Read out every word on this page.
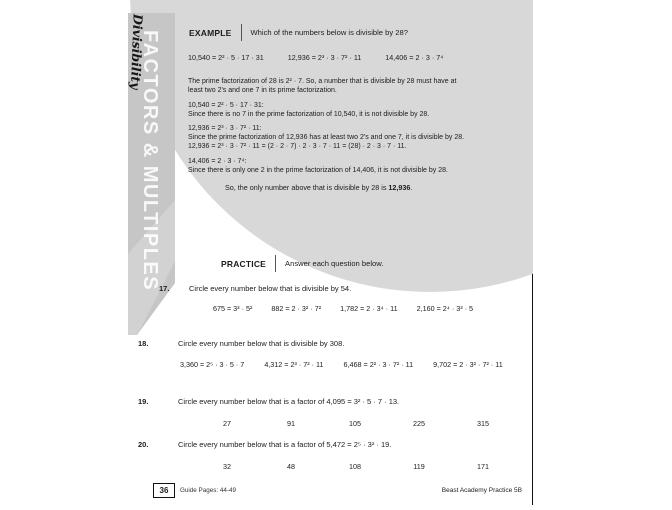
FACTORS & MULTIPLES
Divisibility	EXAMPLE	Which of the numbers below is divisible by 28?
10,540 = 2² · 5 · 17 · 31	12,936 = 2³ · 3 · 7² · 11	14,406 = 2 · 3 · 7⁴
The prime factorization of 28 is 2² · 7. So, a number that is divisible by 28 must have at
least two 2's and one 7 in its prime factorization.
10,540 = 2² · 5 · 17 · 31:
Since there is no 7 in the prime factorization of 10,540, it is not divisible by 28.
12,936 = 2³ · 3 · 7² · 11:
Since the prime factorization of 12,936 has at least two 2's and one 7, it is divisible by 28.
12,936 = 2³ · 3 · 7² · 11 = (2 · 2 · 7) · 2 · 3 · 7 · 11 = (28) · 2 · 3 · 7 · 11.
14,406 = 2 · 3 · 7⁴:
Since there is only one 2 in the prime factorization of 14,406, it is not divisible by 28.
So, the only number above that is divisible by 28 is 12,936.
PRACTICE	Answer each question below.
17.	Circle every number below that is divisible by 54.
675 = 3³ · 5²	882 = 2 · 3² · 7²	1,782 = 2 · 3⁴ · 11	2,160 = 2⁴ · 3³ · 5
18.	Circle every number below that is divisible by 308.
3,360 = 2⁵ · 3 · 5 · 7	4,312 = 2³ · 7² · 11	6,468 = 2² · 3 · 7² · 11	9,702 = 2 · 3² · 7² · 11
19.	Circle every number below that is a factor of 4,095 = 3² · 5 · 7 · 13.
27	91	105	225	315
20.	Circle every number below that is a factor of 5,472 = 2⁵ · 3² · 19.
32	48	108	119	171
36 Guide Pages: 44-49	Beast Academy Practice 5B
